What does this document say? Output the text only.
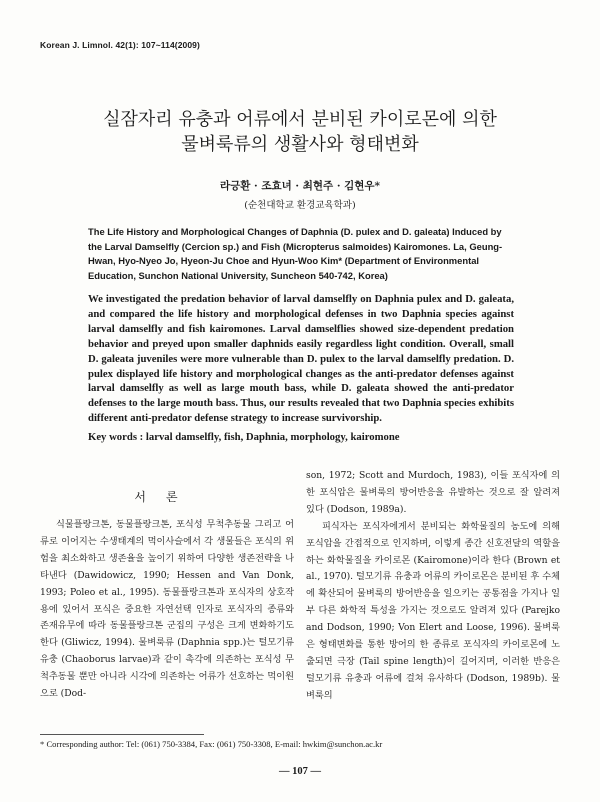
Korean J. Limnol. 42(1): 107~114(2009)
실잠자리 유충과 어류에서 분비된 카이로몬에 의한
물벼룩류의 생활사와 형태변화
라긍환 · 조효녀 · 최현주 · 김현우*
(순천대학교 환경교육학과)
The Life History and Morphological Changes of Daphnia (D. pulex and D. galeata) Induced by the Larval Damselfly (Cercion sp.) and Fish (Micropterus salmoides) Kairomones. La, Geung-Hwan, Hyo-Nyeo Jo, Hyeon-Ju Choe and Hyun-Woo Kim* (Department of Environmental Education, Sunchon National University, Suncheon 540-742, Korea)
We investigated the predation behavior of larval damselfly on Daphnia pulex and D. galeata, and compared the life history and morphological defenses in two Daphnia species against larval damselfly and fish kairomones. Larval damselflies showed size-dependent predation behavior and preyed upon smaller daphnids easily regardless light condition. Overall, small D. galeata juveniles were more vulnerable than D. pulex to the larval damselfly predation. D. pulex displayed life history and morphological changes as the anti-predator defenses against larval damselfly as well as large mouth bass, while D. galeata showed the anti-predator defenses to the large mouth bass. Thus, our results revealed that two Daphnia species exhibits different anti-predator defense strategy to increase survivorship.
Key words : larval damselfly, fish, Daphnia, morphology, kairomone
서론

식물플랑크톤, 동물플랑크톤, 포식성 무척추동물 그리고 어류로 이어지는 수생태계의 먹이사슬에서 각 생물들은 포식의 위험을 최소화하고 생존율을 높이기 위하여 다양한 생존전략을 나타낸다 (Dawidowicz, 1990; Hessen and Van Donk, 1993; Poleo et al., 1995). 동물플랑크톤과 포식자의 상호작용에 있어서 포식은 중요한 자연선택 인자로 포식자의 종류와 존재유무에 따라 동물플랑크톤 군집의 구성은 크게 변화하기도 한다 (Gliwicz, 1994). 물벼룩류 (Daphnia spp.)는 털모기류 유충 (Chaoborus larvae)과 같이 촉각에 의존하는 포식성 무척추동물 뿐만 아니라 시각에 의존하는 어류가 선호하는 먹이원으로 (Dod-

son, 1972; Scott and Murdoch, 1983), 이들 포식자에 의한 포식압은 물벼룩의 방어반응을 유발하는 것으로 잘 알려져 있다 (Dodson, 1989a).

피식자는 포식자에게서 분비되는 화학물질의 농도에 의해 포식압을 간접적으로 인지하며, 이렇게 종간 신호전달의 역할을 하는 화학물질을 카이로몬 (Kairomone)이라 한다 (Brown et al., 1970). 털모기류 유충과 어류의 카이로몬은 분비된 후 수체에 확산되어 물벼룩의 방어반응을 일으키는 공통점을 가지나 일부 다른 화학적 특성을 가지는 것으로도 알려져 있다 (Parejko and Dodson, 1990; Von Elert and Loose, 1996). 물벼룩은 형태변화를 통한 방어의 한 종류로 포식자의 카이로몬에 노출되면 극장 (Tail spine length)이 길어지며, 이러한 반응은 털모기류 유충과 어류에 걸쳐 유사하다 (Dodson, 1989b). 물벼룩의

* Corresponding author: Tel: (061) 750-3384, Fax: (061) 750-3308, E-mail: hwkim@sunchon.ac.kr
— 107 —
